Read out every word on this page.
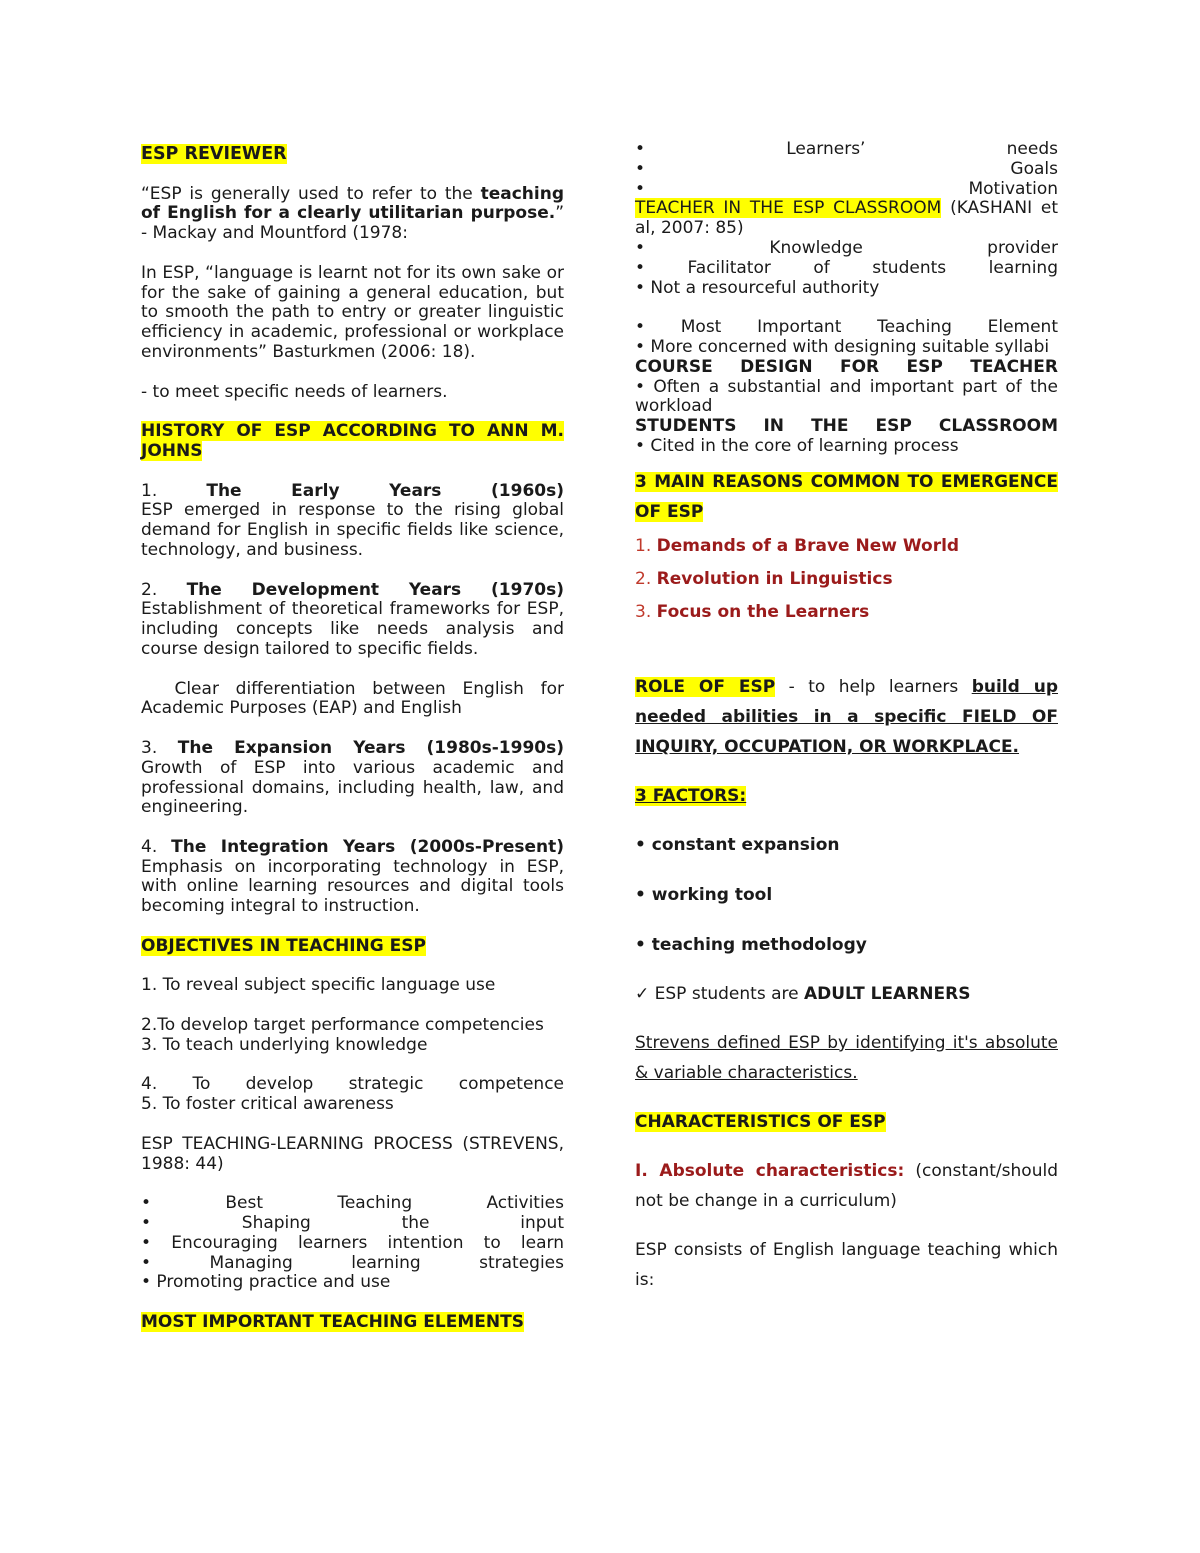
ESP REVIEWER

“ESP is generally used to refer to the teaching of English for a clearly utilitarian purpose.” - Mackay and Mountford (1978:

In ESP, “language is learnt not for its own sake or for the sake of gaining a general education, but to smooth the path to entry or greater linguistic efficiency in academic, professional or workplace environments” Basturkmen (2006: 18).

- to meet specific needs of learners.

HISTORY OF ESP ACCORDING TO ANN M. JOHNS

1.	The Early Years (1960s)

ESP emerged in response to the rising global demand for English in specific fields like science, technology, and business.

2. The Development Years (1970s)

Establishment of theoretical frameworks for ESP, including concepts like needs analysis and course design tailored to specific fields.

Clear differentiation between English for Academic Purposes (EAP) and English

3. The Expansion Years (1980s-1990s)

Growth of ESP into various academic and professional domains, including health, law, and engineering.

4. The Integration Years (2000s-Present)

Emphasis on incorporating technology in ESP, with online learning resources and digital tools becoming integral to instruction.

OBJECTIVES IN TEACHING ESP

1. To reveal subject specific language use

2.To develop target performance competencies

3. To teach underlying knowledge

4. To develop strategic competence

5. To foster critical awareness

ESP TEACHING-LEARNING PROCESS (STREVENS, 1988: 44)

• Best Teaching Activities

• Shaping the input

• Encouraging learners intention to learn

• Managing learning strategies

• Promoting practice and use

MOST IMPORTANT TEACHING ELEMENTS

• Learners’ needs

• Goals

• Motivation

TEACHER IN THE ESP CLASSROOM (KASHANI et al, 2007: 85)

• Knowledge provider

• Facilitator of students learning

• Not a resourceful authority

• Most Important Teaching Element

• More concerned with designing suitable syllabi

COURSE DESIGN FOR ESP TEACHER

• Often a substantial and important part of the workload

STUDENTS IN THE ESP CLASSROOM

• Cited in the core of learning process

3 MAIN REASONS COMMON TO EMERGENCE OF ESP

1. Demands of a Brave New World

2. Revolution in Linguistics

3. Focus on the Learners

ROLE OF ESP - to help learners build up needed abilities in a specific FIELD OF INQUIRY, OCCUPATION, OR WORKPLACE.

3 FACTORS:

• constant expansion

• working tool

• teaching methodology

✓ ESP students are ADULT LEARNERS

Strevens defined ESP by identifying it's absolute & variable characteristics.

CHARACTERISTICS OF ESP

I. Absolute characteristics: (constant/should not be change in a curriculum)

ESP consists of English language teaching which is:
